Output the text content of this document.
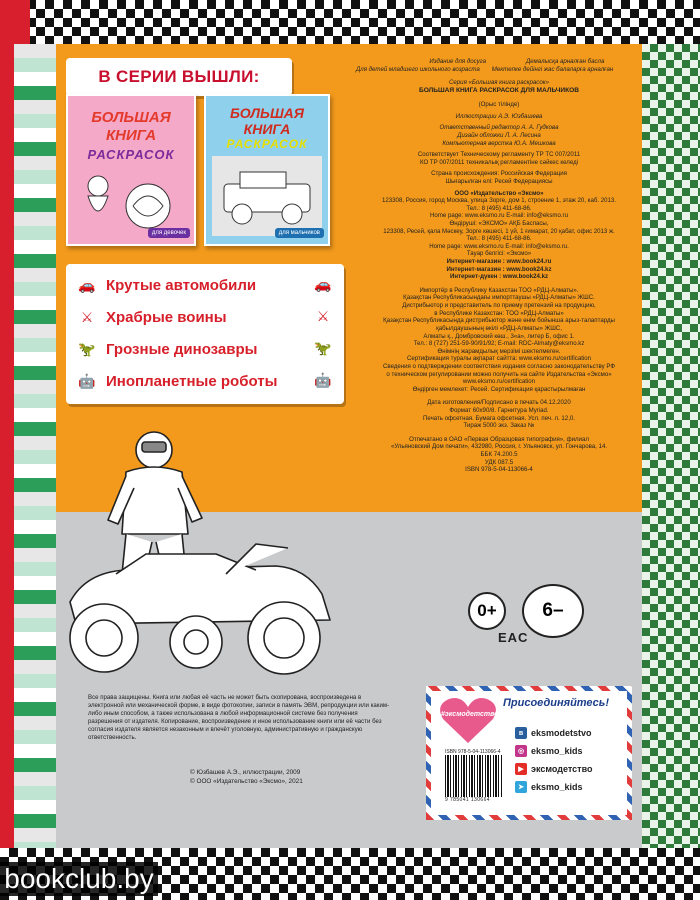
В СЕРИИ ВЫШЛИ:
БОЛЬШАЯ
КНИГА
РАСКРАСОК
для девочек
БОЛЬШАЯ
КНИГА
РАСКРАСОК
для мальчиков
🚗 Крутые автомобили	🚗
⚔ Храбрые воины	⚔
🦖 Грозные динозавры	🦖
🤖 Инопланетные роботы	🤖
Издание для досуга	Демалысқа арналған басла
Для детей младшего школьного возраста Мектепке дейінгі жас балаларға арналған
Серия «Большая книга раскрасок»
БОЛЬШАЯ КНИГА РАСКРАСОК ДЛЯ МАЛЬЧИКОВ
(Орыс тілінде)
Иллюстрации А.Э. Юзбашева
Ответственный редактор А. А. Гудкова
Дизайн обложки Л. А. Лесина
Компьютерная верстка Ю.А. Мешкова
Соответствует Техническому регламенту ТР ТС 007/2011
КО ТР 007/2011 техникалық регламентіне сәйкес келеді
Страна происхождения: Российская Федерация
Шығарылған елі: Ресей Федерациясы
ООО «Издательство «Эксмо»
123308, Россия, город Москва, улица Зорге, дом 1, строение 1, этаж 20, каб. 2013.
Тел.: 8 (495) 411-68-86.
Home page: www.eksmo.ru E-mail: info@eksmo.ru
Өндіруші: «ЭКСМО» АҚБ Баспасы,
123308, Ресей, қала Мәскеу, Зорге көшесі, 1 үй, 1 ғимарат, 20 қабат, офис 2013 ж.
Тел.: 8 (495) 411-68-86.
Home page: www.eksmo.ru E-mail: info@eksmo.ru.
Тауар белгісі: «Эксмо»
Интернет-магазин : www.book24.ru
Интернет-магазин : www.book24.kz
Интернет-дүкен : www.book24.kz
Импортёр в Республику Казахстан ТОО «РДЦ-Алматы».
Қазақстан Республикасындағы импорттаушы «РДЦ-Алматы» ЖШС.
Дистрибьютор и представитель по приему претензий на продукцию,
в Республике Казахстан: ТОО «РДЦ-Алматы»
Қазақстан Республикасында дистрибьютор және өнім бойынша арыз-талаптарды
қабылдаушының өкілі «РДЦ-Алматы» ЖШС,
Алматы қ., Домбровский көш., 3«а», литер Б, офис 1.
Тел.: 8 (727) 251-59-90/91/92; E-mail: RDC-Almaty@eksmo.kz
Өнімнің жарамдылық мерзімі шектелмеген.
Сертификация туралы ақпарат сайтта: www.eksmo.ru/certification
Сведения о подтверждении соответствия издания согласно законодательству РФ
о техническом регулировании можно получить на сайте Издательства «Эксмо»
www.eksmo.ru/certification
Өндірген мемлекет: Ресей. Сертификация қарастырылмаған
Дата изготовления/Подписано в печать 04.12.2020
Формат 60x90/8. Гарнитура Myriad.
Печать офсетная. Бумага офсетная. Усл. печ. л. 12,0.
Тираж 5000 экз. Заказ №
Отпечатано в ОАО «Первая Образцовая типография», филиал
«Ульяновский Дом печати», 432980, Россия, г. Ульяновск, ул. Гончарова, 14.
ББК 74.200.5
УДК 087.5
ISBN 978-5-04-113066-4
0+	6–
EAC
Все права защищены. Книга или любая её часть не может быть скопирована, воспроизведена в электронной или механической форме, в виде фотокопии, записи в память ЭВМ, репродукции или каким-либо иным способом, а также использована в любой информационной системе без получения разрешения от издателя. Копирование, воспроизведение и иное использование книги или её части без согласия издателя является незаконным и влечёт уголовную, административную и гражданскую ответственность.
© Юзбашев А.Э., иллюстрации, 2009
© ООО «Издательство «Эксмо», 2021
#эксмодетство
Присоединяйтесь!
ISBN 978-5-04-113066-4
9 785041 130664
в eksmodetstvo
◎ eksmo_kids
▶ эксмодетство
➤ eksmo_kids
bookclub.by
